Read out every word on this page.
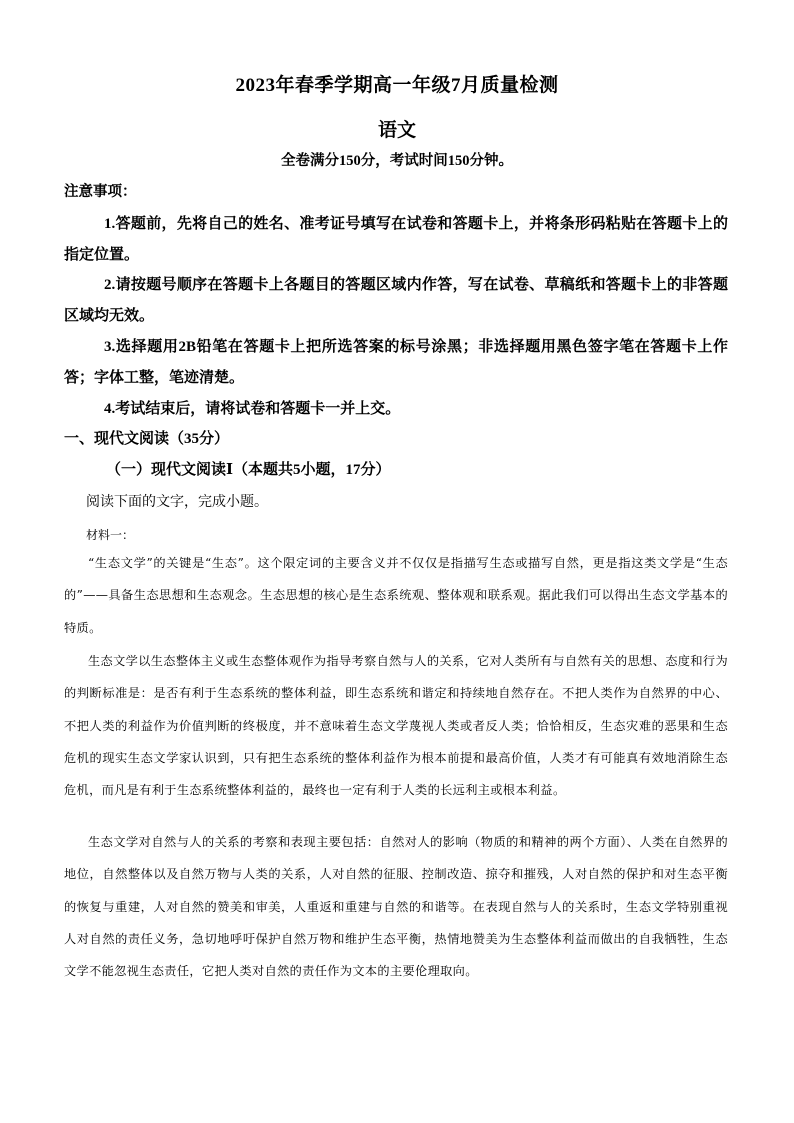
2023年春季学期高一年级7月质量检测
语文
全卷满分150分，考试时间150分钟。
注意事项：
1.答题前，先将自己的姓名、准考证号填写在试卷和答题卡上，并将条形码粘贴在答题卡上的指定位置。
2.请按题号顺序在答题卡上各题目的答题区域内作答，写在试卷、草稿纸和答题卡上的非答题区域均无效。
3.选择题用2B铅笔在答题卡上把所选答案的标号涂黑；非选择题用黑色签字笔在答题卡上作答；字体工整，笔迹清楚。
4.考试结束后，请将试卷和答题卡一并上交。
一、现代文阅读（35分）
（一）现代文阅读Ⅰ（本题共5小题，17分）
阅读下面的文字，完成小题。
材料一：
“生态文学”的关键是“生态”。这个限定词的主要含义并不仅仅是指描写生态或描写自然，更是指这类文学是“生态的”——具备生态思想和生态观念。生态思想的核心是生态系统观、整体观和联系观。据此我们可以得出生态文学基本的特质。
生态文学以生态整体主义或生态整体观作为指导考察自然与人的关系，它对人类所有与自然有关的思想、态度和行为的判断标准是：是否有利于生态系统的整体利益，即生态系统和谐定和持续地自然存在。不把人类作为自然界的中心、不把人类的利益作为价值判断的终极度，并不意味着生态文学蔑视人类或者反人类；恰恰相反，生态灾难的恶果和生态危机的现实生态文学家认识到，只有把生态系统的整体利益作为根本前提和最高价值，人类才有可能真有效地消除生态危机，而凡是有利于生态系统整体利益的，最终也一定有利于人类的长远利主或根本利益。
生态文学对自然与人的关系的考察和表现主要包括：自然对人的影响（物质的和精神的两个方面）、人类在自然界的地位，自然整体以及自然万物与人类的关系，人对自然的征服、控制改造、掠夺和摧残，人对自然的保护和对生态平衡的恢复与重建，人对自然的赞美和审美，人重返和重建与自然的和谐等。在表现自然与人的关系时，生态文学特别重视人对自然的责任义务，急切地呼吁保护自然万物和维护生态平衡，热情地赞美为生态整体利益而做出的自我牺牲，生态文学不能忽视生态责任，它把人类对自然的责任作为文本的主要伦理取向。
